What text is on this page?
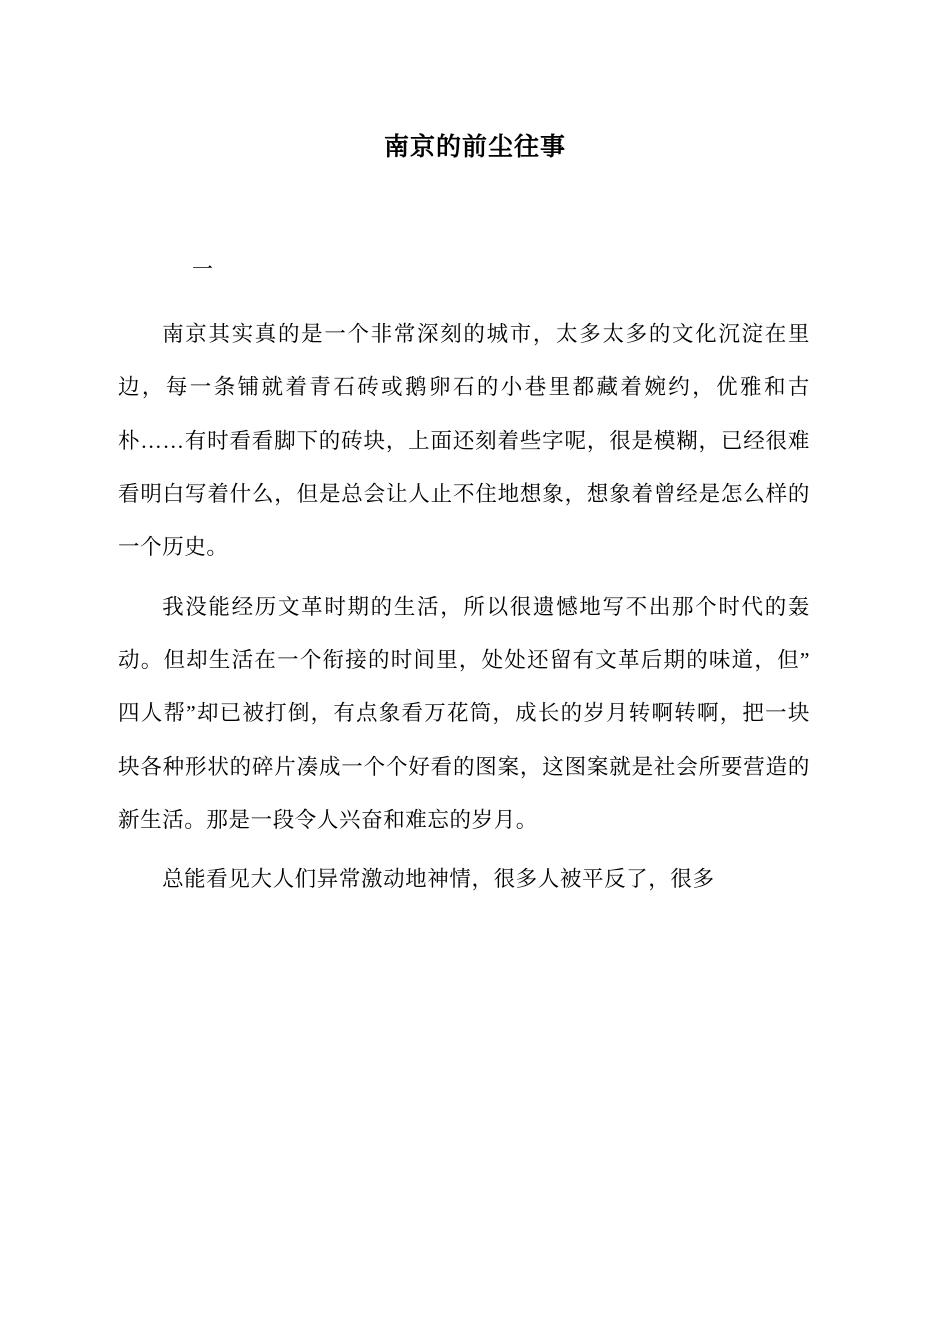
南京的前尘往事
一

南京其实真的是一个非常深刻的城市，太多太多的文化沉淀在里边，每一条铺就着青石砖或鹅卵石的小巷里都藏着婉约，优雅和古朴……有时看看脚下的砖块，上面还刻着些字呢，很是模糊，已经很难看明白写着什么，但是总会让人止不住地想象，想象着曾经是怎么样的一个历史。

我没能经历文革时期的生活，所以很遗憾地写不出那个时代的轰动。但却生活在一个衔接的时间里，处处还留有文革后期的味道，但”四人帮”却已被打倒，有点象看万花筒，成长的岁月转啊转啊，把一块块各种形状的碎片凑成一个个好看的图案，这图案就是社会所要营造的新生活。那是一段令人兴奋和难忘的岁月。

总能看见大人们异常激动地神情，很多人被平反了，很多
